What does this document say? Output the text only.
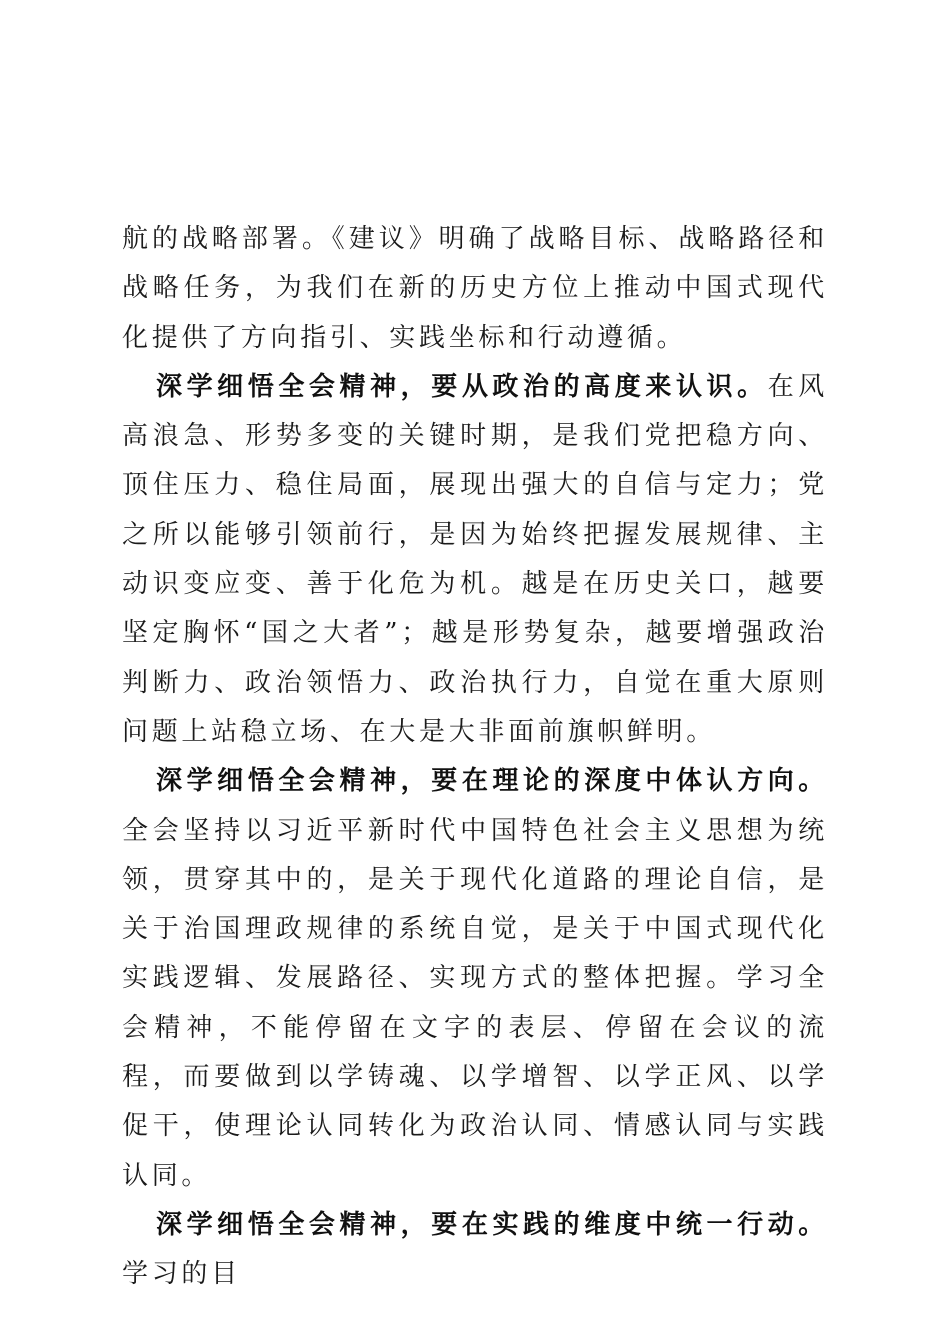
航的战略部署。《建议》明确了战略目标、战略路径和战略任务，为我们在新的历史方位上推动中国式现代化提供了方向指引、实践坐标和行动遵循。

深学细悟全会精神，要从政治的高度来认识。在风高浪急、形势多变的关键时期，是我们党把稳方向、顶住压力、稳住局面，展现出强大的自信与定力；党之所以能够引领前行，是因为始终把握发展规律、主动识变应变、善于化危为机。越是在历史关口，越要坚定胸怀“国之大者”；越是形势复杂，越要增强政治判断力、政治领悟力、政治执行力，自觉在重大原则问题上站稳立场、在大是大非面前旗帜鲜明。

深学细悟全会精神，要在理论的深度中体认方向。全会坚持以习近平新时代中国特色社会主义思想为统领，贯穿其中的，是关于现代化道路的理论自信，是关于治国理政规律的系统自觉，是关于中国式现代化实践逻辑、发展路径、实现方式的整体把握。学习全会精神，不能停留在文字的表层、停留在会议的流程，而要做到以学铸魂、以学增智、以学正风、以学促干，使理论认同转化为政治认同、情感认同与实践认同。

深学细悟全会精神，要在实践的维度中统一行动。学习的目
